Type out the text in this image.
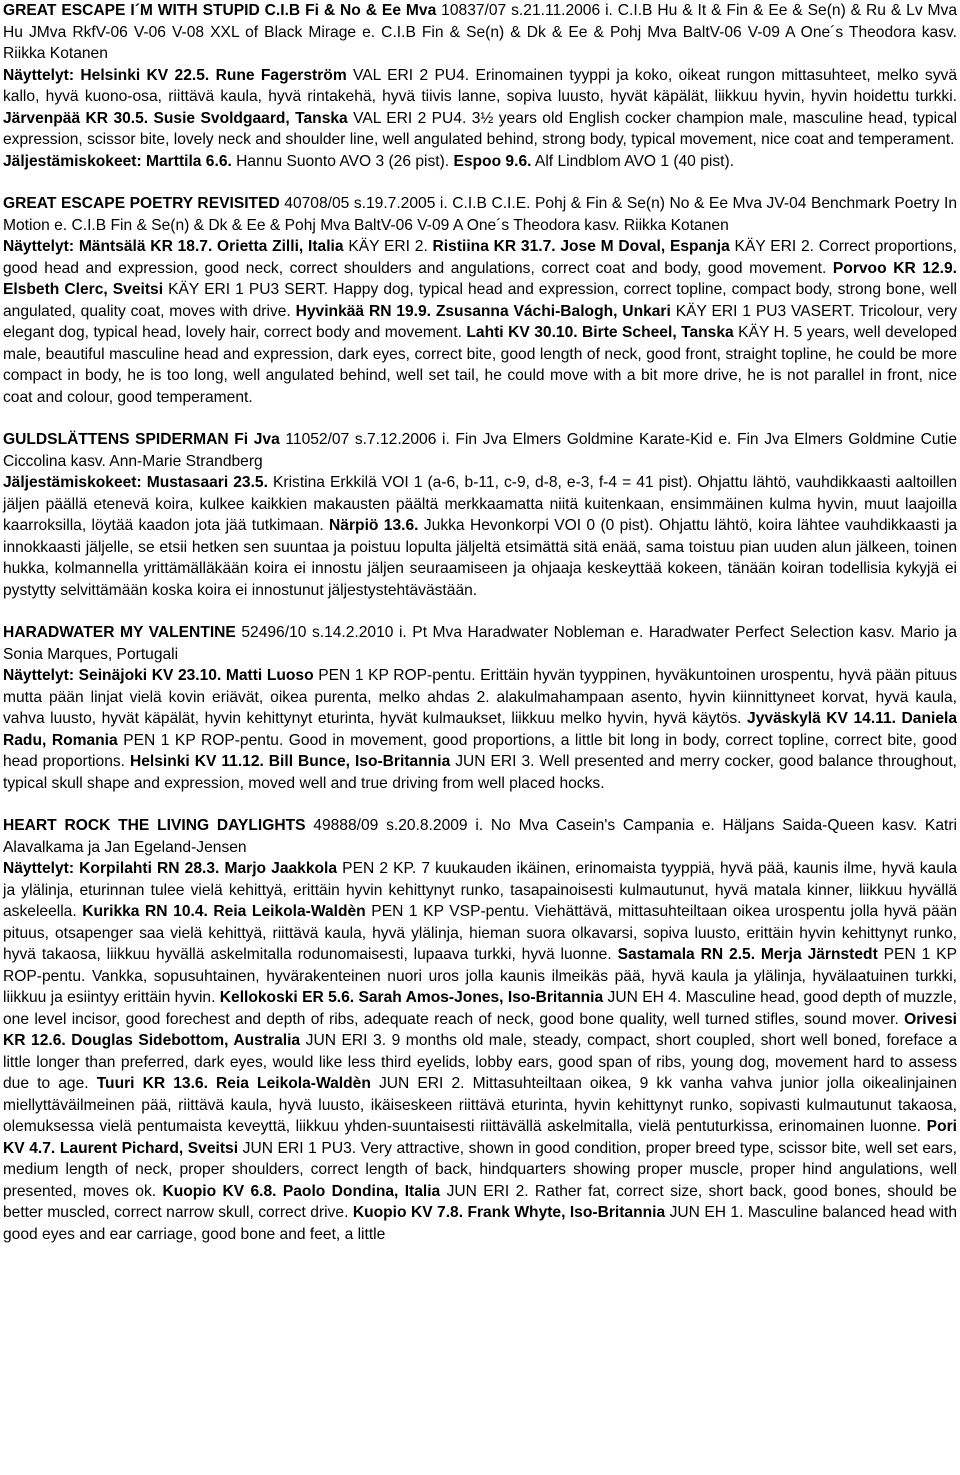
GREAT ESCAPE I´M WITH STUPID C.I.B Fi & No & Ee Mva 10837/07 s.21.11.2006 i. C.I.B Hu & It & Fin & Ee & Se(n) & Ru & Lv Mva Hu JMva RkfV-06 V-06 V-08 XXL of Black Mirage e. C.I.B Fin & Se(n) & Dk & Ee & Pohj Mva BaltV-06 V-09 A One´s Theodora kasv. Riikka Kotanen

Näyttelyt: Helsinki KV 22.5. Rune Fagerström VAL ERI 2 PU4. Erinomainen tyyppi ja koko, oikeat rungon mittasuhteet, melko syvä kallo, hyvä kuono-osa, riittävä kaula, hyvä rintakehä, hyvä tiivis lanne, sopiva luusto, hyvät käpälät, liikkuu hyvin, hyvin hoidettu turkki. Järvenpää KR 30.5. Susie Svoldgaard, Tanska VAL ERI 2 PU4. 3½ years old English cocker champion male, masculine head, typical expression, scissor bite, lovely neck and shoulder line, well angulated behind, strong body, typical movement, nice coat and temperament.

Jäljestämiskokeet: Marttila 6.6. Hannu Suonto AVO 3 (26 pist). Espoo 9.6. Alf Lindblom AVO 1 (40 pist).

GREAT ESCAPE POETRY REVISITED 40708/05 s.19.7.2005 i. C.I.B C.I.E. Pohj & Fin & Se(n) No & Ee Mva JV-04 Benchmark Poetry In Motion e. C.I.B Fin & Se(n) & Dk & Ee & Pohj Mva BaltV-06 V-09 A One´s Theodora kasv. Riikka Kotanen

Näyttelyt: Mäntsälä KR 18.7. Orietta Zilli, Italia KÄY ERI 2. Ristiina KR 31.7. Jose M Doval, Espanja KÄY ERI 2. Correct proportions, good head and expression, good neck, correct shoulders and angulations, correct coat and body, good movement. Porvoo KR 12.9. Elsbeth Clerc, Sveitsi KÄY ERI 1 PU3 SERT. Happy dog, typical head and expression, correct topline, compact body, strong bone, well angulated, quality coat, moves with drive. Hyvinkää RN 19.9. Zsusanna Váchi-Balogh, Unkari KÄY ERI 1 PU3 VASERT. Tricolour, very elegant dog, typical head, lovely hair, correct body and movement. Lahti KV 30.10. Birte Scheel, Tanska KÄY H. 5 years, well developed male, beautiful masculine head and expression, dark eyes, correct bite, good length of neck, good front, straight topline, he could be more compact in body, he is too long, well angulated behind, well set tail, he could move with a bit more drive, he is not parallel in front, nice coat and colour, good temperament.

GULDSLÄTTENS SPIDERMAN Fi Jva 11052/07 s.7.12.2006 i. Fin Jva Elmers Goldmine Karate-Kid e. Fin Jva Elmers Goldmine Cutie Ciccolina kasv. Ann-Marie Strandberg

Jäljestämiskokeet: Mustasaari 23.5. Kristina Erkkilä VOI 1 (a-6, b-11, c-9, d-8, e-3, f-4 = 41 pist). Ohjattu lähtö, vauhdikkaasti aaltoillen jäljen päällä etenevä koira, kulkee kaikkien makausten päältä merkkaamatta niitä kuitenkaan, ensimmäinen kulma hyvin, muut laajoilla kaarroksilla, löytää kaadon jota jää tutkimaan. Närpiö 13.6. Jukka Hevonkorpi VOI 0 (0 pist). Ohjattu lähtö, koira lähtee vauhdikkaasti ja innokkaasti jäljelle, se etsii hetken sen suuntaa ja poistuu lopulta jäljeltä etsimättä sitä enää, sama toistuu pian uuden alun jälkeen, toinen hukka, kolmannella yrittämälläkään koira ei innostu jäljen seuraamiseen ja ohjaaja keskeyttää kokeen, tänään koiran todellisia kykyjä ei pystytty selvittämään koska koira ei innostunut jäljestystehtävästään.

HARADWATER MY VALENTINE 52496/10 s.14.2.2010 i. Pt Mva Haradwater Nobleman e. Haradwater Perfect Selection kasv. Mario ja Sonia Marques, Portugali

Näyttelyt: Seinäjoki KV 23.10. Matti Luoso PEN 1 KP ROP-pentu. Erittäin hyvän tyyppinen, hyväkuntoinen urospentu, hyvä pään pituus mutta pään linjat vielä kovin eriävät, oikea purenta, melko ahdas 2. alakulmahampaan asento, hyvin kiinnittyneet korvat, hyvä kaula, vahva luusto, hyvät käpälät, hyvin kehittynyt eturinta, hyvät kulmaukset, liikkuu melko hyvin, hyvä käytös. Jyväskylä KV 14.11. Daniela Radu, Romania PEN 1 KP ROP-pentu. Good in movement, good proportions, a little bit long in body, correct topline, correct bite, good head proportions. Helsinki KV 11.12. Bill Bunce, Iso-Britannia JUN ERI 3. Well presented and merry cocker, good balance throughout, typical skull shape and expression, moved well and true driving from well placed hocks.

HEART ROCK THE LIVING DAYLIGHTS 49888/09 s.20.8.2009 i. No Mva Casein's Campania e. Häljans Saida-Queen kasv. Katri Alavalkama ja Jan Egeland-Jensen

Näyttelyt: Korpilahti RN 28.3. Marjo Jaakkola PEN 2 KP. 7 kuukauden ikäinen, erinomaista tyyppiä, hyvä pää, kaunis ilme, hyvä kaula ja ylälinja, eturinnan tulee vielä kehittyä, erittäin hyvin kehittynyt runko, tasapainoisesti kulmautunut, hyvä matala kinner, liikkuu hyvällä askeleella. Kurikka RN 10.4. Reia Leikola-Waldèn PEN 1 KP VSP-pentu. Viehättävä, mittasuhteiltaan oikea urospentu jolla hyvä pään pituus, otsapenger saa vielä kehittyä, riittävä kaula, hyvä ylälinja, hieman suora olkavarsi, sopiva luusto, erittäin hyvin kehittynyt runko, hyvä takaosa, liikkuu hyvällä askelmitalla rodunomaisesti, lupaava turkki, hyvä luonne. Sastamala RN 2.5. Merja Järnstedt PEN 1 KP ROP-pentu. Vankka, sopusuhtainen, hyvärakenteinen nuori uros jolla kaunis ilmeikäs pää, hyvä kaula ja ylälinja, hyvälaatuinen turkki, liikkuu ja esiintyy erittäin hyvin. Kellokoski ER 5.6. Sarah Amos-Jones, Iso-Britannia JUN EH 4. Masculine head, good depth of muzzle, one level incisor, good forechest and depth of ribs, adequate reach of neck, good bone quality, well turned stifles, sound mover. Orivesi KR 12.6. Douglas Sidebottom, Australia JUN ERI 3. 9 months old male, steady, compact, short coupled, short well boned, foreface a little longer than preferred, dark eyes, would like less third eyelids, lobby ears, good span of ribs, young dog, movement hard to assess due to age. Tuuri KR 13.6. Reia Leikola-Waldèn JUN ERI 2. Mittasuhteiltaan oikea, 9 kk vanha vahva junior jolla oikealinjainen miellyttäväilmeinen pää, riittävä kaula, hyvä luusto, ikäiseskeen riittävä eturinta, hyvin kehittynyt runko, sopivasti kulmautunut takaosa, olemuksessa vielä pentumaista keveyttä, liikkuu yhden-suuntaisesti riittävällä askelmitalla, vielä pentuturkissa, erinomainen luonne. Pori KV 4.7. Laurent Pichard, Sveitsi JUN ERI 1 PU3. Very attractive, shown in good condition, proper breed type, scissor bite, well set ears, medium length of neck, proper shoulders, correct length of back, hindquarters showing proper muscle, proper hind angulations, well presented, moves ok. Kuopio KV 6.8. Paolo Dondina, Italia JUN ERI 2. Rather fat, correct size, short back, good bones, should be better muscled, correct narrow skull, correct drive. Kuopio KV 7.8. Frank Whyte, Iso-Britannia JUN EH 1. Masculine balanced head with good eyes and ear carriage, good bone and feet, a little
